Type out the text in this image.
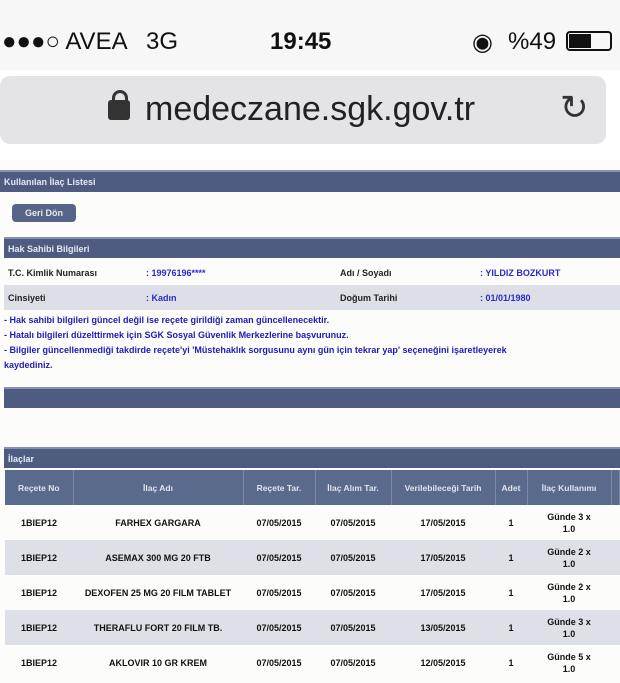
●●●○ AVEA 3G	19:45	◉ %49
medeczane.sgk.gov.tr ↻
Kullanılan İlaç Listesi
Geri Dön
Hak Sahibi Bilgileri
T.C. Kimlik Numarası	: 19976196****	Adı / Soyadı	: YILDIZ BOZKURT
Cinsiyeti	: Kadın	Doğum Tarihi	: 01/01/1980
- Hak sahibi bilgileri güncel değil ise reçete girildiği zaman güncellenecektir.
- Hatalı bilgileri düzelttirmek için SGK Sosyal Güvenlik Merkezlerine başvurunuz.
- Bilgiler güncellenmediği takdirde reçete'yi 'Müstehaklık sorgusunu aynı gün için tekrar yap' seçeneğini işaretleyerek
kaydediniz.
İlaçlar
Reçete No	İlaç Adı	Reçete Tar.	İlaç Alım Tar.	Verilebileceği Tarih	Adet	İlaç Kullanımı	
1BIEP12	FARHEX GARGARA	07/05/2015	07/05/2015	17/05/2015	1	Günde 3 x 1.0	
1BIEP12	ASEMAX 300 MG 20 FTB	07/05/2015	07/05/2015	17/05/2015	1	Günde 2 x 1.0	
1BIEP12	DEXOFEN 25 MG 20 FILM TABLET	07/05/2015	07/05/2015	17/05/2015	1	Günde 2 x 1.0	
1BIEP12	THERAFLU FORT 20 FILM TB.	07/05/2015	07/05/2015	13/05/2015	1	Günde 3 x 1.0	
1BIEP12	AKLOVIR 10 GR KREM	07/05/2015	07/05/2015	12/05/2015	1	Günde 5 x 1.0	
